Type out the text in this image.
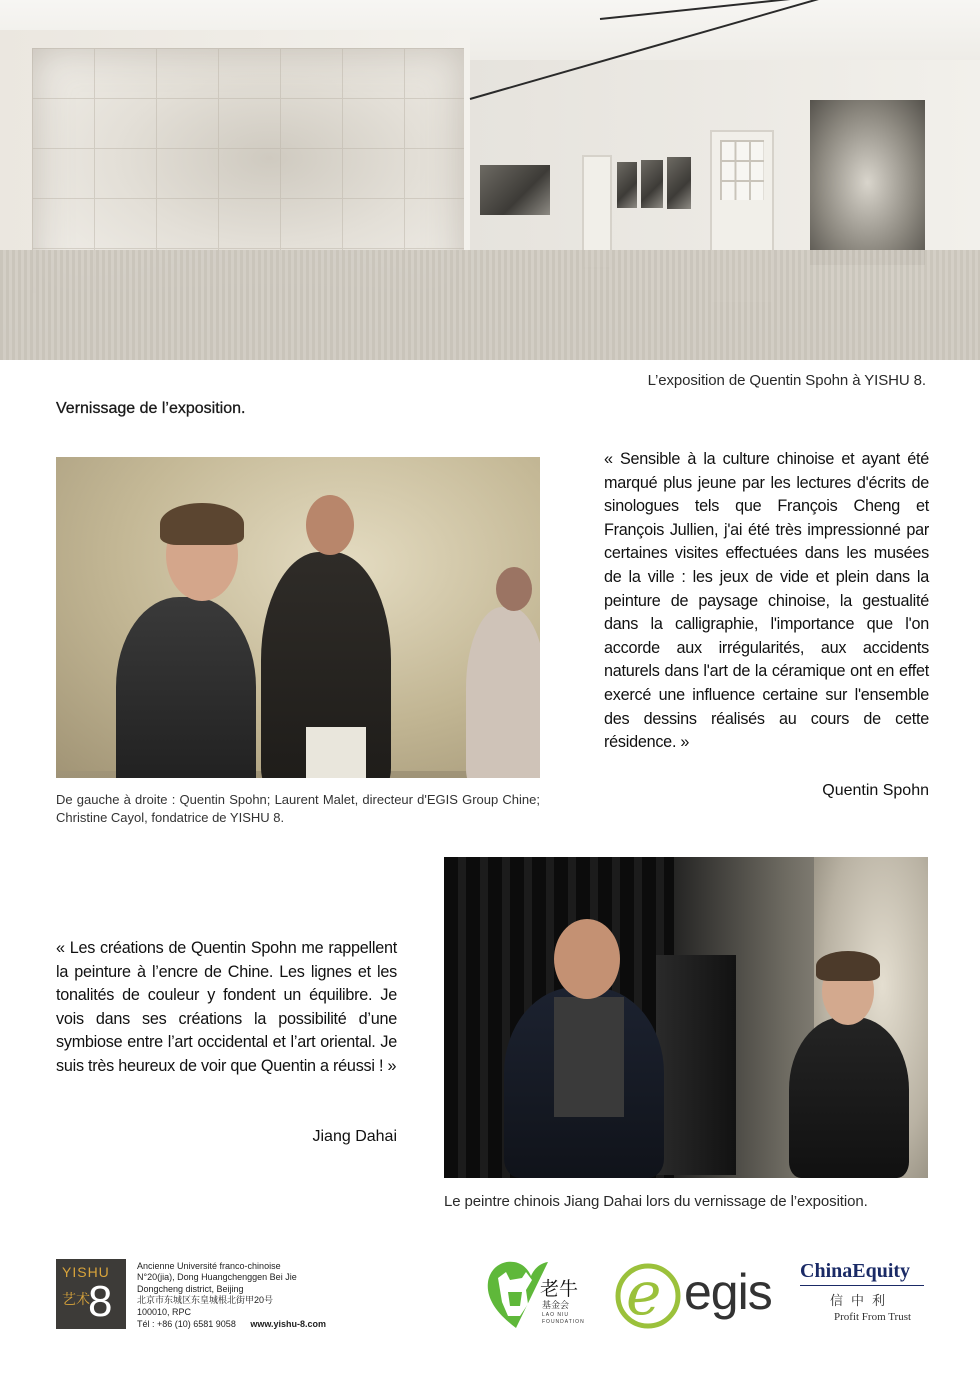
L’exposition de Quentin Spohn à YISHU 8.
Vernissage de l’exposition.
De gauche à droite : Quentin Spohn; Laurent Malet, directeur d'EGIS Group Chine; Christine Cayol, fondatrice de YISHU 8.
« Sensible à la culture chinoise et ayant été marqué plus jeune par les lectures d'écrits de sinologues tels que François Cheng et François Jullien, j'ai été très impressionné par certaines visites effectuées dans les musées de la ville : les jeux de vide et plein dans la peinture de paysage chinoise, la gestualité dans la calligraphie, l'importance que l'on accorde aux irrégularités, aux accidents naturels dans l'art de la céramique ont en effet exercé une influence certaine sur l'ensemble des dessins réalisés au cours de cette résidence. »
Quentin Spohn
« Les créations de Quentin Spohn me rappellent la peinture à l’encre de Chine. Les lignes et les tonalités de couleur y fondent un équilibre. Je vois dans ses créations la possibilité d’une symbiose entre l’art occidental et l’art oriental. Je suis très heureux de voir que Quentin a réussi ! »
Jiang Dahai
Le peintre chinois Jiang Dahai lors du vernissage de l’exposition.
YISHU
艺术
8
Ancienne Université franco-chinoise
N°20(jia), Dong Huangchenggen Bei Jie
Dongcheng district, Beijing
北京市东城区东皇城根北街甲20号
100010, RPC
Tél : +86 (10) 6581 9058 www.yishu-8.com
老牛
基金会
LAO NIU
FOUNDATION e egis ChinaEquity
信中利
Profit From Trust
